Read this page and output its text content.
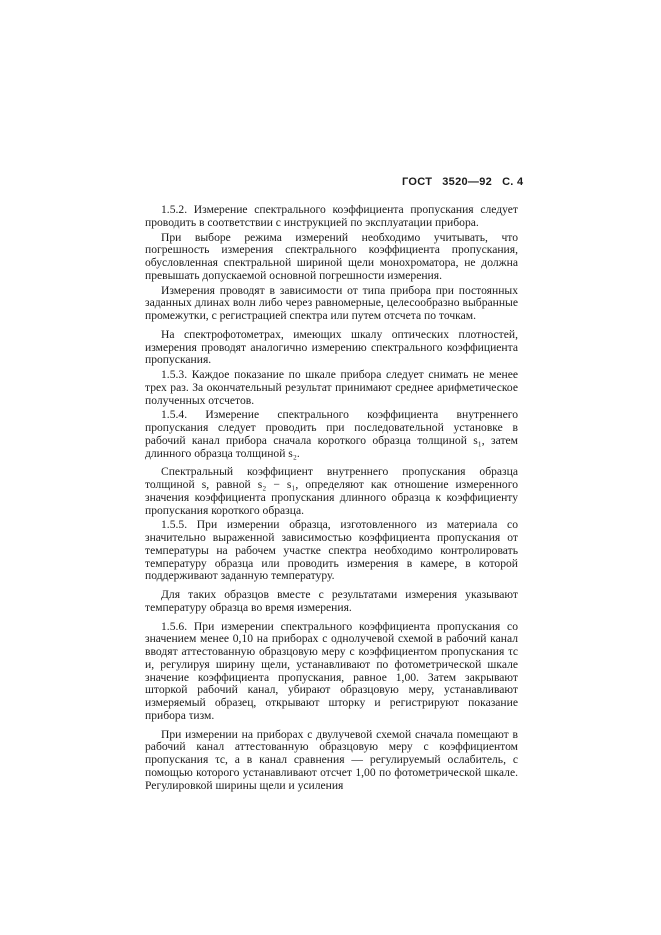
ГОСТ 3520—92 С. 4

1.5.2. Измерение спектрального коэффициента пропускания следует проводить в соответствии с инструкцией по эксплуатации прибора.

При выборе режима измерений необходимо учитывать, что погрешность измерения спектрального коэффициента пропускания, обусловленная спектральной шириной щели монохроматора, не должна превышать допускаемой основной погрешности измерения.

Измерения проводят в зависимости от типа прибора при постоянных заданных длинах волн либо через равномерные, целесообразно выбранные промежутки, с регистрацией спектра или путем отсчета по точкам.

На спектрофотометрах, имеющих шкалу оптических плотностей, измерения проводят аналогично измерению спектрального коэффициента пропускания.

1.5.3. Каждое показание по шкале прибора следует снимать не менее трех раз. За окончательный результат принимают среднее арифметическое полученных отсчетов.

1.5.4. Измерение спектрального коэффициента внутреннего пропускания следует проводить при последовательной установке в рабочий канал прибора сначала короткого образца толщиной s₁, затем длинного образца толщиной s₂.

Спектральный коэффициент внутреннего пропускания образца толщиной s, равной s₂ − s₁, определяют как отношение измеренного значения коэффициента пропускания длинного образца к коэффициенту пропускания короткого образца.

1.5.5. При измерении образца, изготовленного из материала со значительно выраженной зависимостью коэффициента пропускания от температуры на рабочем участке спектра необходимо контролировать температуру образца или проводить измерения в камере, в которой поддерживают заданную температуру.

Для таких образцов вместе с результатами измерения указывают температуру образца во время измерения.

1.5.6. При измерении спектрального коэффициента пропускания со значением менее 0,10 на приборах с однолучевой схемой в рабочий канал вводят аттестованную образцовую меру с коэффициентом пропускания τс и, регулируя ширину щели, устанавливают по фотометрической шкале значение коэффициента пропускания, равное 1,00. Затем закрывают шторкой рабочий канал, убирают образцовую меру, устанавливают измеряемый образец, открывают шторку и регистрируют показание прибора τизм.

При измерении на приборах с двулучевой схемой сначала помещают в рабочий канал аттестованную образцовую меру с коэффициентом пропускания τс, а в канал сравнения — регулируемый ослабитель, с помощью которого устанавливают отсчет 1,00 по фотометрической шкале. Регулировкой ширины щели и усиления
